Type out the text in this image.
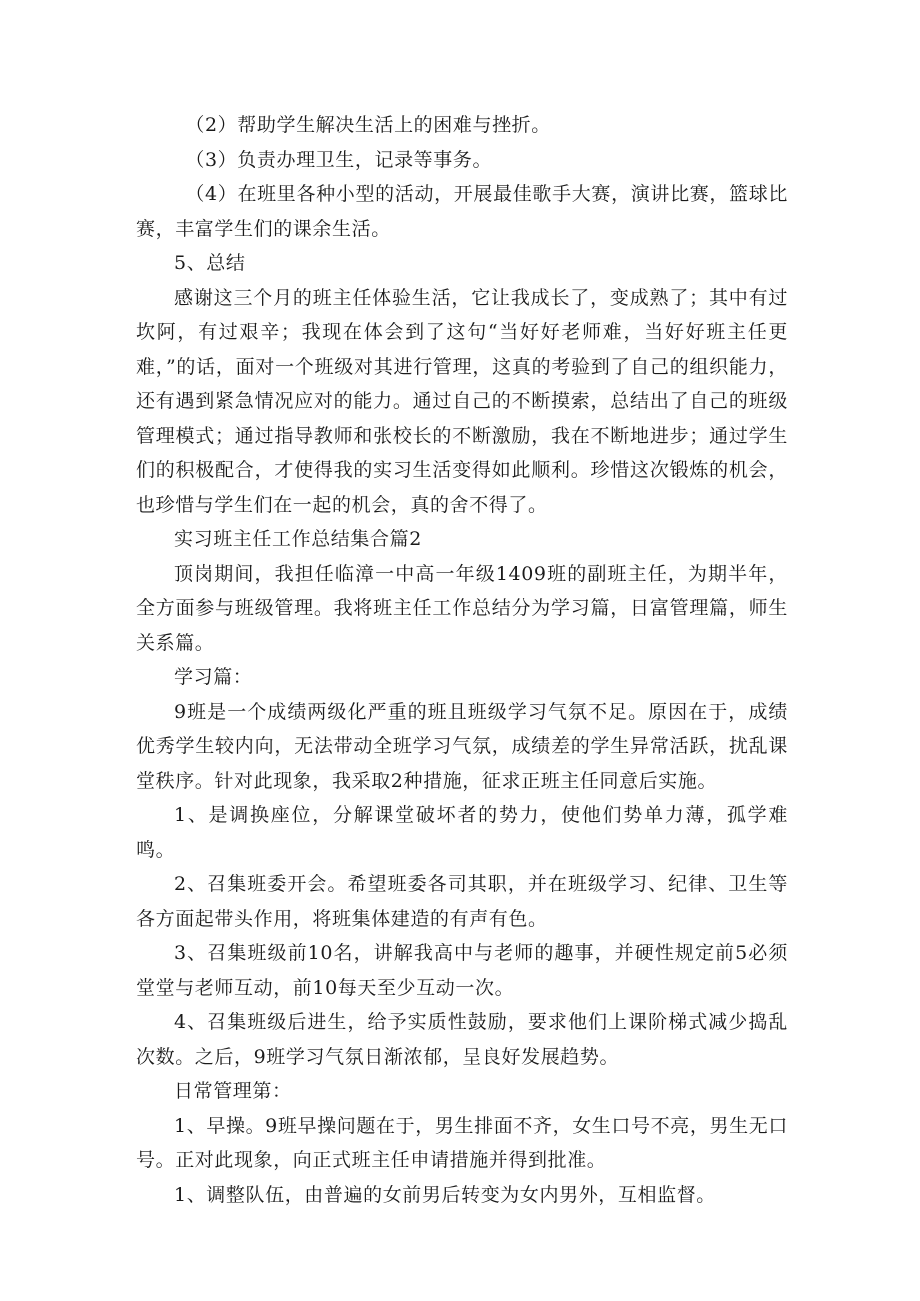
（2）帮助学生解决生活上的困难与挫折。

（3）负责办理卫生，记录等事务。

（4）在班里各种小型的活动，开展最佳歌手大赛，演讲比赛，篮球比赛，丰富学生们的课余生活。

5、总结

感谢这三个月的班主任体验生活，它让我成长了，变成熟了；其中有过坎阿，有过艰辛；我现在体会到了这句“当好好老师难，当好好班主任更难，”的话，面对一个班级对其进行管理，这真的考验到了自己的组织能力，还有遇到紧急情况应对的能力。通过自己的不断摸索，总结出了自己的班级管理模式；通过指导教师和张校长的不断激励，我在不断地进步；通过学生们的积极配合，才使得我的实习生活变得如此顺利。珍惜这次锻炼的机会，也珍惜与学生们在一起的机会，真的舍不得了。

实习班主任工作总结集合篇2

顶岗期间，我担任临漳一中高一年级1409班的副班主任，为期半年，全方面参与班级管理。我将班主任工作总结分为学习篇，日富管理篇，师生关系篇。

学习篇：

9班是一个成绩两级化严重的班且班级学习气氛不足。原因在于，成绩优秀学生较内向，无法带动全班学习气氛，成绩差的学生异常活跃，扰乱课堂秩序。针对此现象，我采取2种措施，征求正班主任同意后实施。

1、是调换座位，分解课堂破坏者的势力，使他们势单力薄，孤学难鸣。

2、召集班委开会。希望班委各司其职，并在班级学习、纪律、卫生等各方面起带头作用，将班集体建造的有声有色。

3、召集班级前10名，讲解我高中与老师的趣事，并硬性规定前5必须堂堂与老师互动，前10每天至少互动一次。

4、召集班级后进生，给予实质性鼓励，要求他们上课阶梯式减少捣乱次数。之后，9班学习气氛日渐浓郁，呈良好发展趋势。

日常管理第：

1、早操。9班早操问题在于，男生排面不齐，女生口号不亮，男生无口号。正对此现象，向正式班主任申请措施并得到批准。

1、调整队伍，由普遍的女前男后转变为女内男外，互相监督。
